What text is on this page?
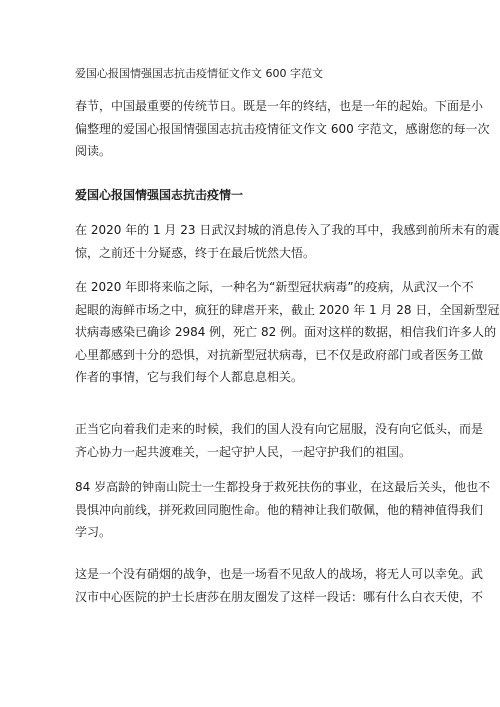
爱国心报国情强国志抗击疫情征文作文 600 字范文
春节，中国最重要的传统节日。既是一年的终结，也是一年的起始。下面是小
偏整理的爱国心报国情强国志抗击疫情征文作文 600 字范文，感谢您的每一次
阅读。
爱国心报国情强国志抗击疫情一
在 2020 年的 1 月 23 日武汉封城的消息传入了我的耳中，我感到前所未有的震
惊，之前还十分疑惑，终于在最后恍然大悟。
在 2020 年即将来临之际，一种名为“新型冠状病毒”的疫病，从武汉一个不
起眼的海鲜市场之中，疯狂的肆虐开来，截止 2020 年 1 月 28 日，全国新型冠
状病毒感染已确诊 2984 例，死亡 82 例。面对这样的数据，相信我们许多人的
心里都感到十分的恐惧，对抗新型冠状病毒，已不仅是政府部门或者医务工做
作者的事情，它与我们每个人都息息相关。
正当它向着我们走来的时候，我们的国人没有向它屈服，没有向它低头，而是
齐心协力一起共渡难关，一起守护人民，一起守护我们的祖国。
84 岁高龄的钟南山院士一生都投身于救死扶伤的事业，在这最后关头，他也不
畏惧冲向前线，拼死救回同胞性命。他的精神让我们敬佩，他的精神值得我们
学习。
这是一个没有硝烟的战争，也是一场看不见敌人的战场，将无人可以幸免。武
汉市中心医院的护士长唐莎在朋友圈发了这样一段话：哪有什么白衣天使，不
